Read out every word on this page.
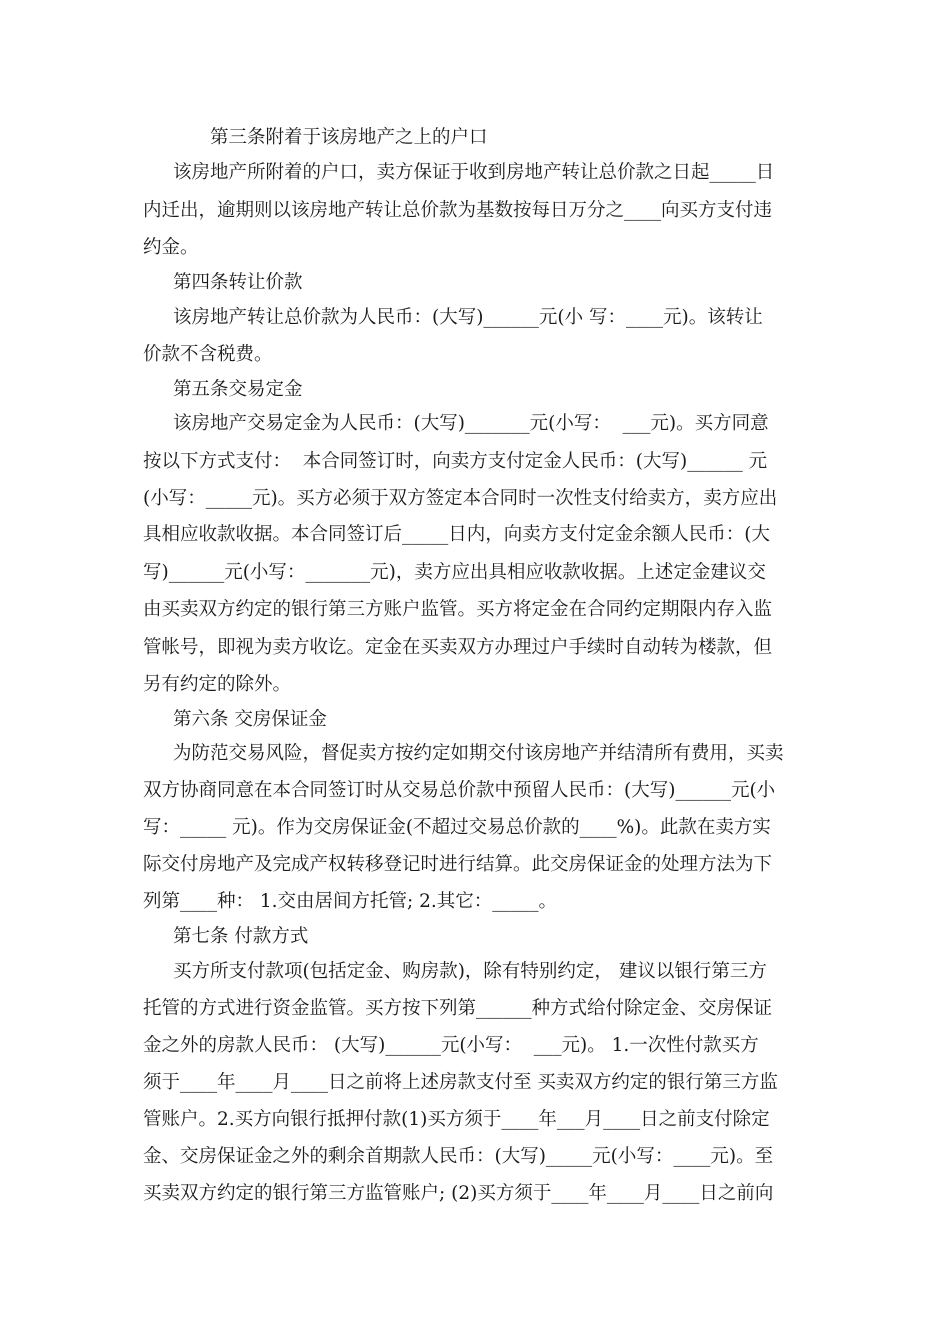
第三条附着于该房地产之上的户口

该房地产所附着的户口，卖方保证于收到房地产转让总价款之日起_____日

内迁出，逾期则以该房地产转让总价款为基数按每日万分之____向买方支付违

约金。

第四条转让价款

该房地产转让总价款为人民币：(大写)______元(小 写：____元)。该转让

价款不含税费。

第五条交易定金

该房地产交易定金为人民币：(大写)_______元(小写：  ___元)。买方同意

按以下方式支付：  本合同签订时，向卖方支付定金人民币：(大写)______ 元

(小写：_____元)。买方必须于双方签定本合同时一次性支付给卖方，卖方应出

具相应收款收据。本合同签订后_____日内，向卖方支付定金余额人民币：(大

写)______元(小写：_______元)，卖方应出具相应收款收据。上述定金建议交

由买卖双方约定的银行第三方账户监管。买方将定金在合同约定期限内存入监

管帐号，即视为卖方收讫。定金在买卖双方办理过户手续时自动转为楼款，但

另有约定的除外。

第六条 交房保证金

为防范交易风险，督促卖方按约定如期交付该房地产并结清所有费用，买卖

双方协商同意在本合同签订时从交易总价款中预留人民币：(大写)______元(小

写：_____ 元)。作为交房保证金(不超过交易总价款的____%)。此款在卖方实

际交付房地产及完成产权转移登记时进行结算。此交房保证金的处理方法为下

列第____种： 1.交由居间方托管; 2.其它：_____。

第七条 付款方式

买方所支付款项(包括定金、购房款)，除有特别约定， 建议以银行第三方

托管的方式进行资金监管。买方按下列第______种方式给付除定金、交房保证

金之外的房款人民币： (大写)______元(小写：  ___元)。 1.一次性付款买方

须于____年____月____日之前将上述房款支付至 买卖双方约定的银行第三方监

管账户。2.买方向银行抵押付款(1)买方须于____年___月____日之前支付除定

金、交房保证金之外的剩余首期款人民币：(大写)_____元(小写：____元)。至

买卖双方约定的银行第三方监管账户; (2)买方须于____年____月____日之前向
